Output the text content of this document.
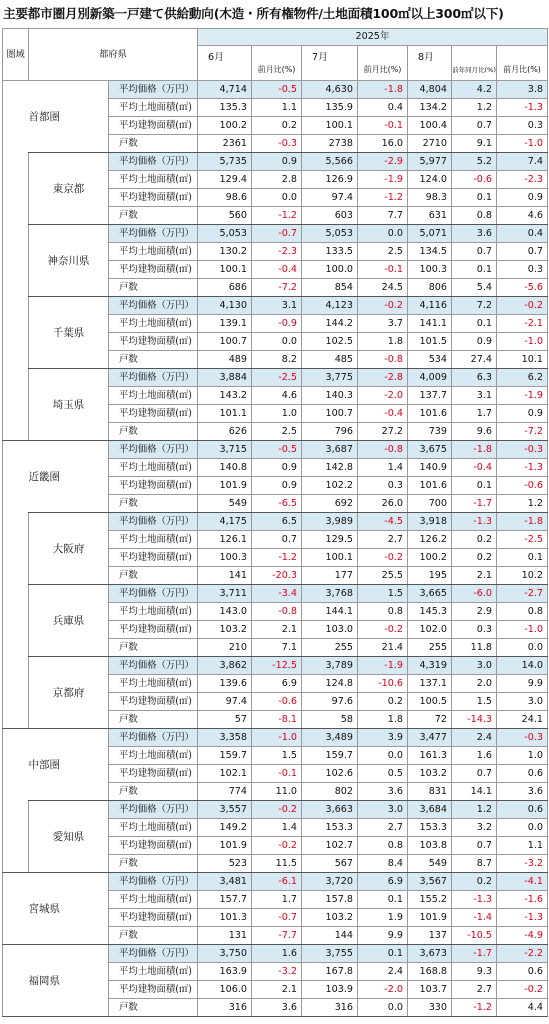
主要都市圏月別新築一戸建て供給動向(木造・所有権物件/土地面積100㎡以上300㎡以下)
圏域	都府県		2025年						
			6月	前月比(%)	7月	前月比(%)	8月	前年同月比(%)	前月比(%)
	首都圏	平均価格（万円）	4,714	-0.5	4,630	-1.8	4,804	4.2	3.8
		平均土地面積(㎡)	135.3	1.1	135.9	0.4	134.2	1.2	-1.3
		平均建物面積(㎡)	100.2	0.2	100.1	-0.1	100.4	0.7	0.3
		戸数	2361	-0.3	2738	16.0	2710	9.1	-1.0
	東京都	平均価格（万円）	5,735	0.9	5,566	-2.9	5,977	5.2	7.4
		平均土地面積(㎡)	129.4	2.8	126.9	-1.9	124.0	-0.6	-2.3
		平均建物面積(㎡)	98.6	0.0	97.4	-1.2	98.3	0.1	0.9
		戸数	560	-1.2	603	7.7	631	0.8	4.6
	神奈川県	平均価格（万円）	5,053	-0.7	5,053	0.0	5,071	3.6	0.4
		平均土地面積(㎡)	130.2	-2.3	133.5	2.5	134.5	0.7	0.7
		平均建物面積(㎡)	100.1	-0.4	100.0	-0.1	100.3	0.1	0.3
		戸数	686	-7.2	854	24.5	806	5.4	-5.6
	千葉県	平均価格（万円）	4,130	3.1	4,123	-0.2	4,116	7.2	-0.2
		平均土地面積(㎡)	139.1	-0.9	144.2	3.7	141.1	0.1	-2.1
		平均建物面積(㎡)	100.7	0.0	102.5	1.8	101.5	0.9	-1.0
		戸数	489	8.2	485	-0.8	534	27.4	10.1
	埼玉県	平均価格（万円）	3,884	-2.5	3,775	-2.8	4,009	6.3	6.2
		平均土地面積(㎡)	143.2	4.6	140.3	-2.0	137.7	3.1	-1.9
		平均建物面積(㎡)	101.1	1.0	100.7	-0.4	101.6	1.7	0.9
		戸数	626	2.5	796	27.2	739	9.6	-7.2
	近畿圏	平均価格（万円）	3,715	-0.5	3,687	-0.8	3,675	-1.8	-0.3
		平均土地面積(㎡)	140.8	0.9	142.8	1.4	140.9	-0.4	-1.3
		平均建物面積(㎡)	101.9	0.9	102.2	0.3	101.6	0.1	-0.6
		戸数	549	-6.5	692	26.0	700	-1.7	1.2
	大阪府	平均価格（万円）	4,175	6.5	3,989	-4.5	3,918	-1.3	-1.8
		平均土地面積(㎡)	126.1	0.7	129.5	2.7	126.2	0.2	-2.5
		平均建物面積(㎡)	100.3	-1.2	100.1	-0.2	100.2	0.2	0.1
		戸数	141	-20.3	177	25.5	195	2.1	10.2
	兵庫県	平均価格（万円）	3,711	-3.4	3,768	1.5	3,665	-6.0	-2.7
		平均土地面積(㎡)	143.0	-0.8	144.1	0.8	145.3	2.9	0.8
		平均建物面積(㎡)	103.2	2.1	103.0	-0.2	102.0	0.3	-1.0
		戸数	210	7.1	255	21.4	255	11.8	0.0
	京都府	平均価格（万円）	3,862	-12.5	3,789	-1.9	4,319	3.0	14.0
		平均土地面積(㎡)	139.6	6.9	124.8	-10.6	137.1	2.0	9.9
		平均建物面積(㎡)	97.4	-0.6	97.6	0.2	100.5	1.5	3.0
		戸数	57	-8.1	58	1.8	72	-14.3	24.1
	中部圏	平均価格（万円）	3,358	-1.0	3,489	3.9	3,477	2.4	-0.3
		平均土地面積(㎡)	159.7	1.5	159.7	0.0	161.3	1.6	1.0
		平均建物面積(㎡)	102.1	-0.1	102.6	0.5	103.2	0.7	0.6
		戸数	774	11.0	802	3.6	831	14.1	3.6
	愛知県	平均価格（万円）	3,557	-0.2	3,663	3.0	3,684	1.2	0.6
		平均土地面積(㎡)	149.2	1.4	153.3	2.7	153.3	3.2	0.0
		平均建物面積(㎡)	101.9	-0.2	102.7	0.8	103.8	0.7	1.1
		戸数	523	11.5	567	8.4	549	8.7	-3.2
	宮城県	平均価格（万円）	3,481	-6.1	3,720	6.9	3,567	0.2	-4.1
		平均土地面積(㎡)	157.7	1.7	157.8	0.1	155.2	-1.3	-1.6
		平均建物面積(㎡)	101.3	-0.7	103.2	1.9	101.9	-1.4	-1.3
		戸数	131	-7.7	144	9.9	137	-10.5	-4.9
	福岡県	平均価格（万円）	3,750	1.6	3,755	0.1	3,673	-1.7	-2.2
		平均土地面積(㎡)	163.9	-3.2	167.8	2.4	168.8	9.3	0.6
		平均建物面積(㎡)	106.0	2.1	103.9	-2.0	103.7	2.7	-0.2
		戸数	316	3.6	316	0.0	330	-1.2	4.4
